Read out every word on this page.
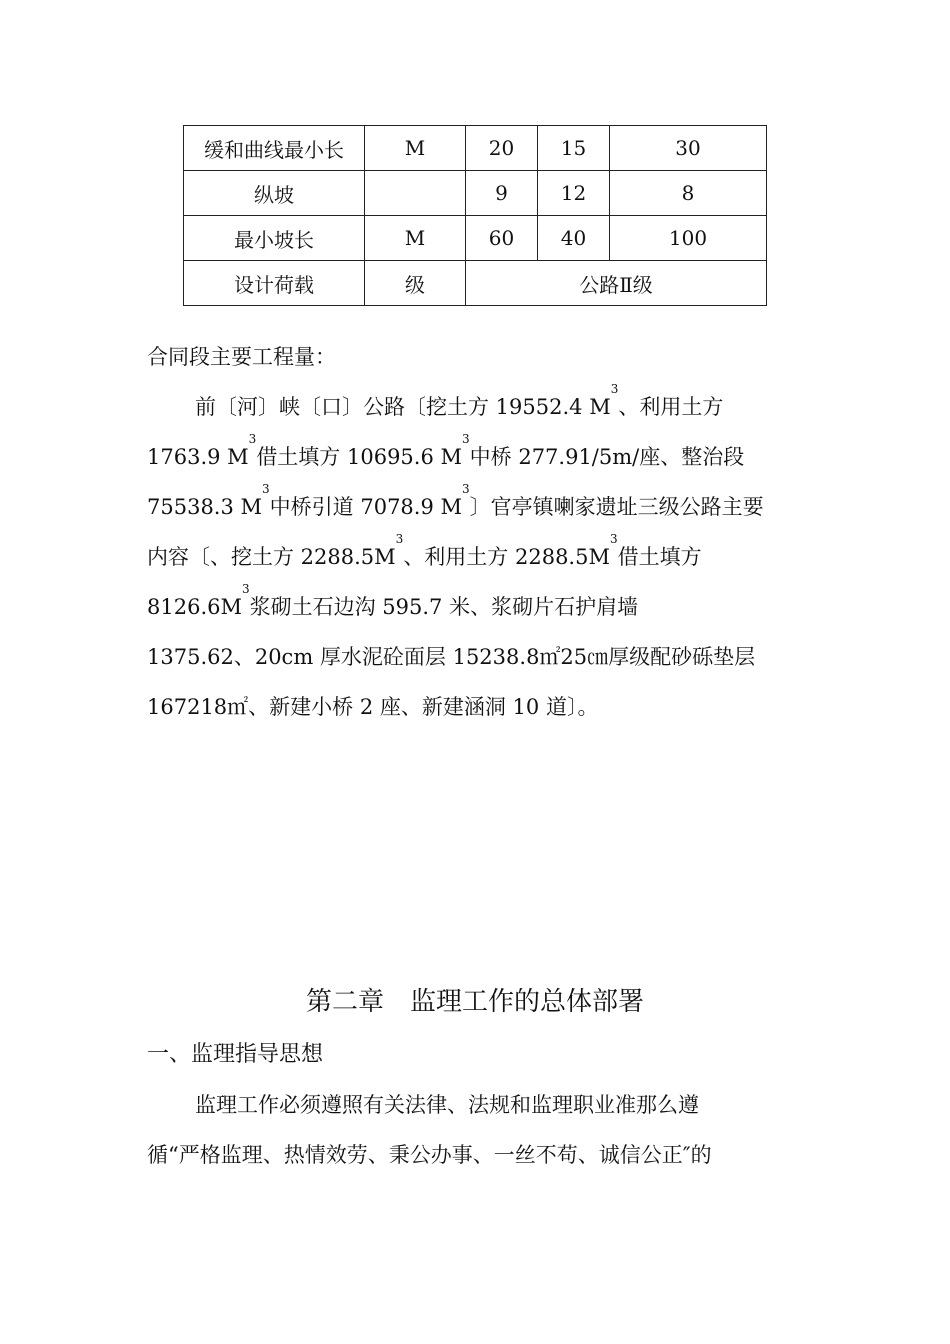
缓和曲线最小长	M	20	15	30
纵坡		9	12	8
最小坡长	M	60	40	100
设计荷载	级	公路Ⅱ级		
合同段主要工程量：
前〔河〕峡〔口〕公路〔挖土方 19552.4 $M^3$、利用土方
1763.9 $M^3$借土填方 10695.6 $M^3$中桥 277.91/5m/座、整治段
75538.3 $M^3$中桥引道 7078.9 $M^3$〕官亭镇喇家遗址三级公路主要
内容〔、挖土方 $2288.5M^3$、利用土方 $2288.5M^3$借土填方
$8126.6M^3$浆砌土石边沟 595.7 米、浆砌片石护肩墙
1375.62、20cm 厚水泥砼面层 15238.8㎡25㎝厚级配砂砾垫层
167218㎡、新建小桥 2 座、新建涵洞 10 道〕。
第二章　监理工作的总体部署
一、监理指导思想
监理工作必须遵照有关法律、法规和监理职业准那么遵
循“严格监理、热情效劳、秉公办事、一丝不苟、诚信公正″的
